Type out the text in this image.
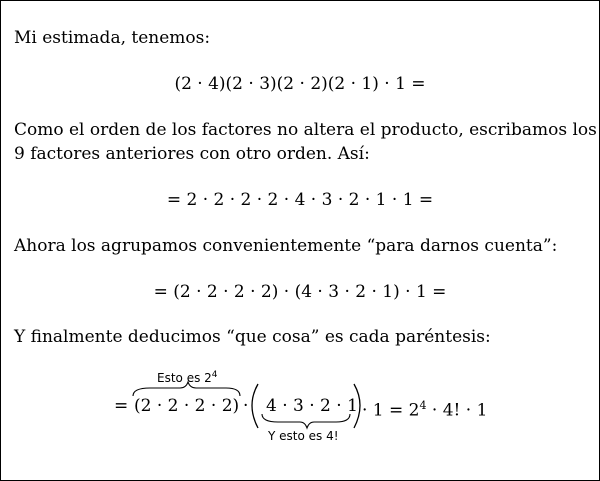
Mi estimada, tenemos:
(2 · 4)(2 · 3)(2 · 2)(2 · 1) · 1 =
Como el orden de los factores no altera el producto, escribamos los
9 factores anteriores con otro orden. Así:
= 2 · 2 · 2 · 2 · 4 · 3 · 2 · 1 · 1 =
Ahora los agrupamos convenientemente “para darnos cuenta”:
= (2 · 2 · 2 · 2) · (4 · 3 · 2 · 1) · 1 =
Y finalmente deducimos “que cosa” es cada paréntesis:
Esto es $2^4$
= $(2 \cdot 2 \cdot 2 \cdot 2) \cdot 4 \cdot 3 \cdot 2 \cdot 1 \cdot 1 = 2^4 \cdot 4$! · 1
Y esto es 4!
